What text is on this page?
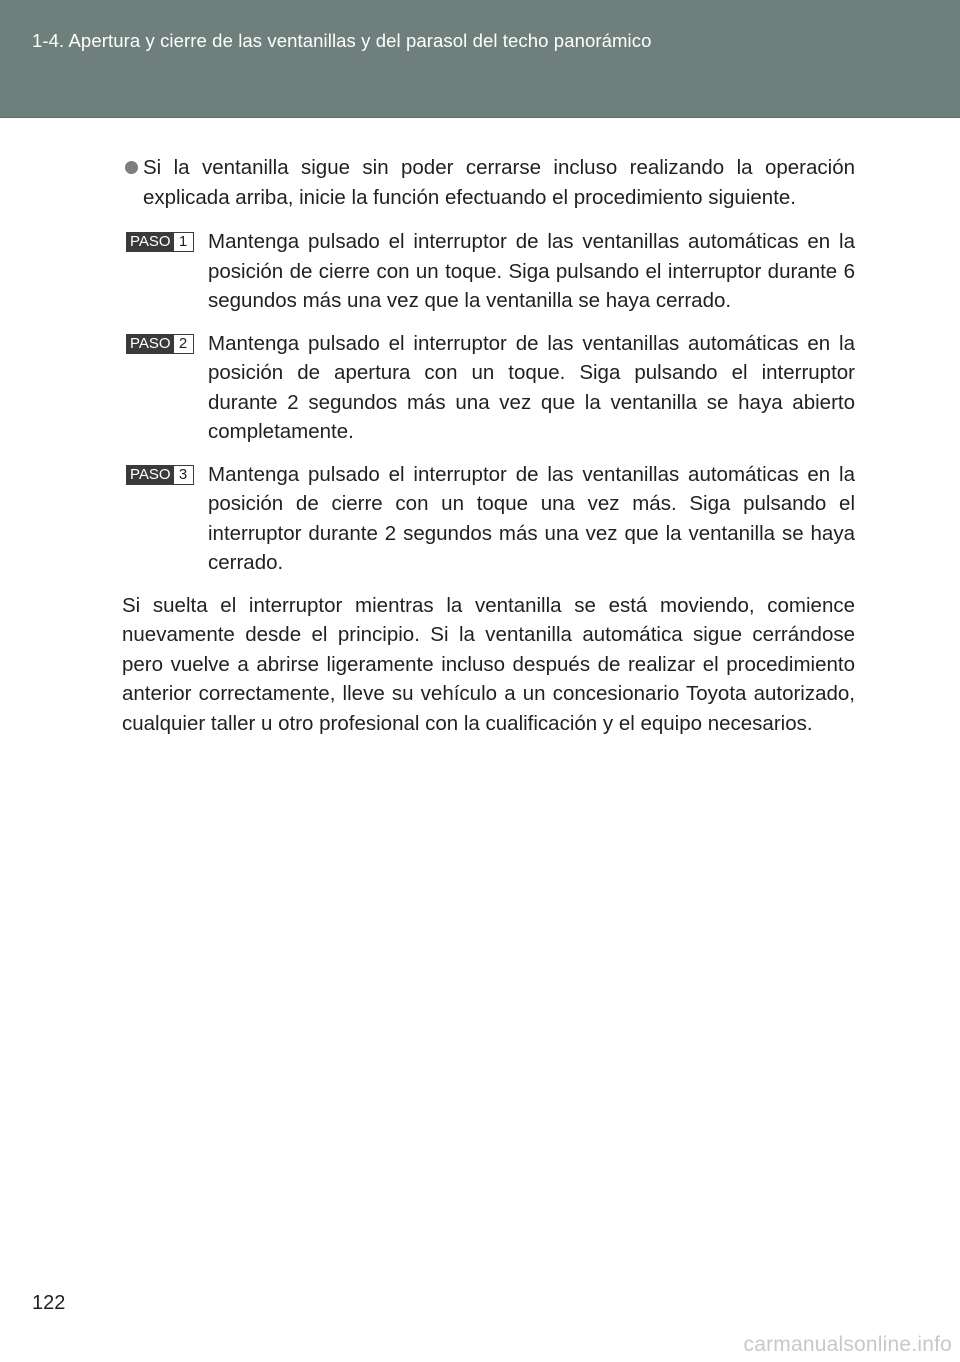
1-4. Apertura y cierre de las ventanillas y del parasol del techo panorámico
Si la ventanilla sigue sin poder cerrarse incluso realizando la operación explicada arriba, inicie la función efectuando el procedimiento siguiente.
PASO 1	Mantenga pulsado el interruptor de las ventanillas automáticas en la posición de cierre con un toque. Siga pulsando el interruptor durante 6 segundos más una vez que la ventanilla se haya cerrado.
PASO 2	Mantenga pulsado el interruptor de las ventanillas automáticas en la posición de apertura con un toque. Siga pulsando el interruptor durante 2 segundos más una vez que la ventanilla se haya abierto completamente.
PASO 3	Mantenga pulsado el interruptor de las ventanillas automáticas en la posición de cierre con un toque una vez más. Siga pulsando el interruptor durante 2 segundos más una vez que la ventanilla se haya cerrado.
Si suelta el interruptor mientras la ventanilla se está moviendo, comience nuevamente desde el principio. Si la ventanilla automática sigue cerrándose pero vuelve a abrirse ligeramente incluso después de realizar el procedimiento anterior correctamente, lleve su vehículo a un concesionario Toyota autorizado, cualquier taller u otro profesional con la cualificación y el equipo necesarios.
122
carmanualsonline.info
